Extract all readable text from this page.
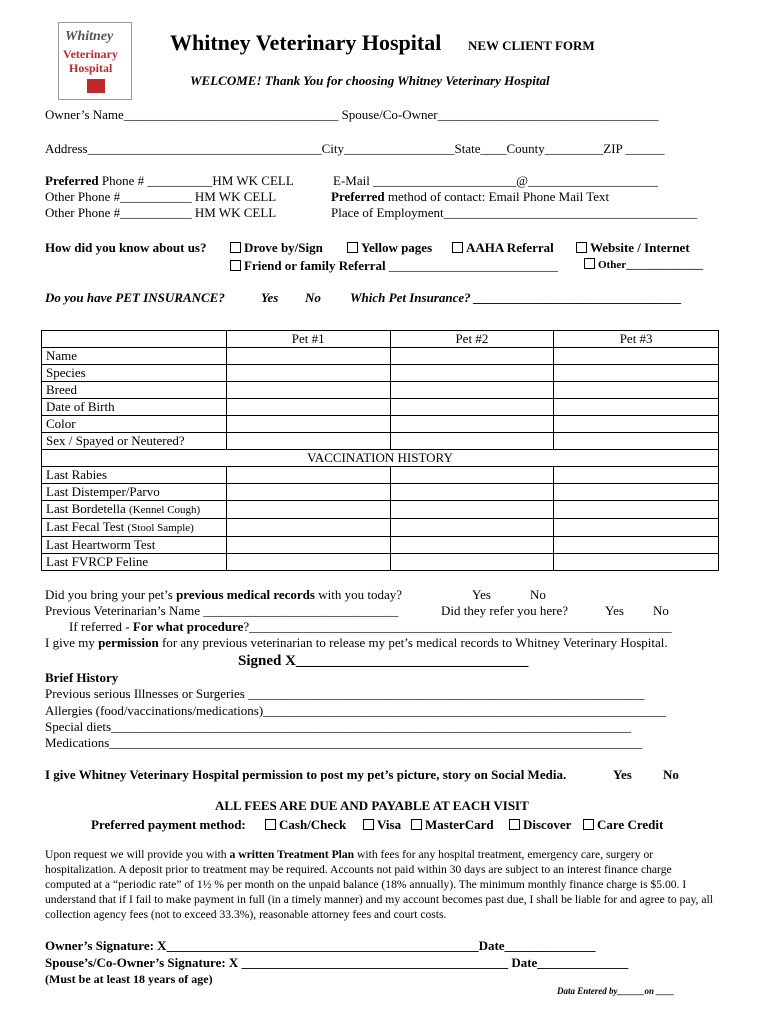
Whitney
Veterinary
Hospital
Whitney Veterinary Hospital NEW CLIENT FORM
WELCOME! Thank You for choosing Whitney Veterinary Hospital
Owner’s Name_________________________________ Spouse/Co-Owner__________________________________
Address____________________________________City_________________State____County_________ZIP ______
Preferred Phone # __________HM WK CELL
Other Phone #___________ HM WK CELL
Other Phone #___________ HM WK CELL
E-Mail ______________________@____________________
Preferred method of contact: Email Phone Mail Text
Place of Employment_______________________________________
How did you know about us?	Drove by/Sign	Yellow pages	AAHA Referral	Website / Internet
Friend or family Referral __________________________	Other______________
Do you have PET INSURANCE?	Yes No Which Pet Insurance? ________________________________
	Pet #1	Pet #2	Pet #3
Name			
Species			
Breed			
Date of Birth			
Color			
Sex / Spayed or Neutered?			
VACCINATION HISTORY			
Last Rabies			
Last Distemper/Parvo			
Last Bordetella (Kennel Cough)			
Last Fecal Test (Stool Sample)			
Last Heartworm Test			
Last FVRCP Feline			
Did you bring your pet’s previous medical records with you today?	Yes	No
Previous Veterinarian’s Name ______________________________	Did they refer you here?	Yes No
If referred - For what procedure?_________________________________________________________________
I give my permission for any previous veterinarian to release my pet’s medical records to Whitney Veterinary Hospital.
Signed X_______________________________
Brief History
Previous serious Illnesses or Surgeries _____________________________________________________________
Allergies (food/vaccinations/medications)______________________________________________________________
Special diets________________________________________________________________________________
Medications__________________________________________________________________________________
I give Whitney Veterinary Hospital permission to post my pet’s picture, story on Social Media.	Yes No
ALL FEES ARE DUE AND PAYABLE AT EACH VISIT
Preferred payment method:	Cash/Check	Visa	MasterCard	Discover	Care Credit
Upon request we will provide you with a written Treatment Plan with fees for any hospital treatment, emergency care, surgery or hospitalization. A deposit prior to treatment may be required. Accounts not paid within 30 days are subject to an interest finance charge computed at a “periodic rate” of 1½ % per month on the unpaid balance (18% annually). The minimum monthly finance charge is $5.00. I understand that if I fail to make payment in full (in a timely manner) and my account becomes past due, I shall be liable for and agree to pay, all collection agency fees (not to exceed 33.3%), reasonable attorney fees and court costs.
Owner’s Signature: X________________________________________________Date______________
Spouse’s/Co-Owner’s Signature: X _________________________________________ Date______________
(Must be at least 18 years of age)
Data Entered by______on ____
